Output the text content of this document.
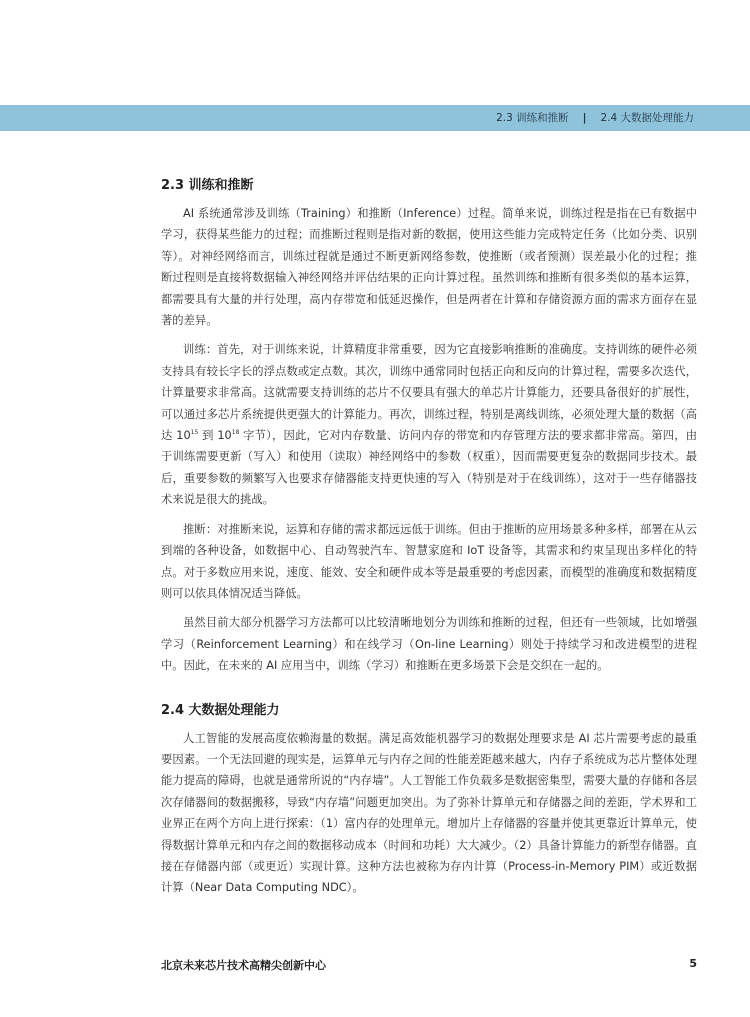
2.3 训练和推断 | 2.4 大数据处理能力
2.3 训练和推断

AI 系统通常涉及训练（Training）和推断（Inference）过程。简单来说，训练过程是指在已有数据中学习，获得某些能力的过程；而推断过程则是指对新的数据，使用这些能力完成特定任务（比如分类、识别等）。对神经网络而言，训练过程就是通过不断更新网络参数，使推断（或者预测）误差最小化的过程；推断过程则是直接将数据输入神经网络并评估结果的正向计算过程。虽然训练和推断有很多类似的基本运算，都需要具有大量的并行处理，高内存带宽和低延迟操作，但是两者在计算和存储资源方面的需求方面存在显著的差异。

训练：首先，对于训练来说，计算精度非常重要，因为它直接影响推断的准确度。支持训练的硬件必须支持具有较长字长的浮点数或定点数。其次，训练中通常同时包括正向和反向的计算过程，需要多次迭代，计算量要求非常高。这就需要支持训练的芯片不仅要具有强大的单芯片计算能力，还要具备很好的扩展性，可以通过多芯片系统提供更强大的计算能力。再次，训练过程，特别是离线训练，必须处理大量的数据（高达 $10^{15}$ 到 $10^{18}$ 字节），因此，它对内存数量、访问内存的带宽和内存管理方法的要求都非常高。第四，由于训练需要更新（写入）和使用（读取）神经网络中的参数（权重），因而需要更复杂的数据同步技术。最后，重要参数的频繁写入也要求存储器能支持更快速的写入（特别是对于在线训练），这对于一些存储器技术来说是很大的挑战。

推断：对推断来说，运算和存储的需求都远远低于训练。但由于推断的应用场景多种多样，部署在从云到端的各种设备，如数据中心、自动驾驶汽车、智慧家庭和 IoT 设备等，其需求和约束呈现出多样化的特点。对于多数应用来说，速度、能效、安全和硬件成本等是最重要的考虑因素，而模型的准确度和数据精度则可以依具体情况适当降低。

虽然目前大部分机器学习方法都可以比较清晰地划分为训练和推断的过程，但还有一些领域，比如增强学习（Reinforcement Learning）和在线学习（On-line Learning）则处于持续学习和改进模型的进程中。因此，在未来的 AI 应用当中，训练（学习）和推断在更多场景下会是交织在一起的。

2.4 大数据处理能力

人工智能的发展高度依赖海量的数据。满足高效能机器学习的数据处理要求是 AI 芯片需要考虑的最重要因素。一个无法回避的现实是，运算单元与内存之间的性能差距越来越大，内存子系统成为芯片整体处理能力提高的障碍，也就是通常所说的“内存墙”。人工智能工作负载多是数据密集型，需要大量的存储和各层次存储器间的数据搬移，导致“内存墙”问题更加突出。为了弥补计算单元和存储器之间的差距，学术界和工业界正在两个方向上进行探索：（1）富内存的处理单元。增加片上存储器的容量并使其更靠近计算单元，使得数据计算单元和内存之间的数据移动成本（时间和功耗）大大减少。（2）具备计算能力的新型存储器。直接在存储器内部（或更近）实现计算。这种方法也被称为存内计算（Process-in-Memory PIM）或近数据计算（Near Data Computing NDC）。

北京未来芯片技术高精尖创新中心	5
